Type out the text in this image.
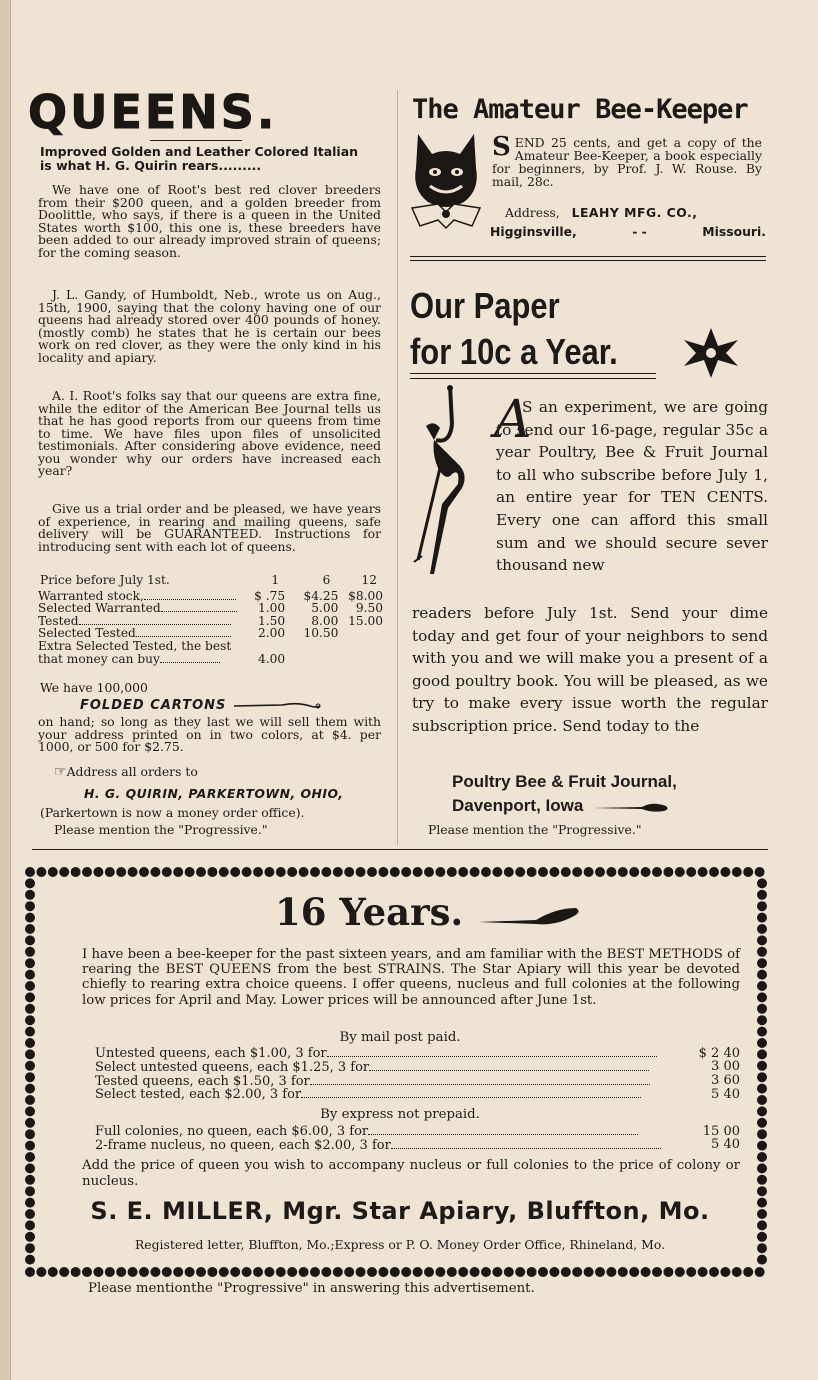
QUEENS.
Improved Golden and Leather Colored Italian is what H. G. Quirin rears.........
We have one of Root's best red clover breeders from their $200 queen, and a golden breeder from Doolittle, who says, if there is a queen in the United States worth $100, this one is, these breeders have been added to our already improved strain of queens; for the coming season.
J. L. Gandy, of Humboldt, Neb., wrote us on Aug., 15th, 1900, saying that the colony having one of our queens had already stored over 400 pounds of honey. (mostly comb) he states that he is certain our bees work on red clover, as they were the only kind in his locality and apiary.
A. I. Root's folks say that our queens are extra fine, while the editor of the American Bee Journal tells us that he has good reports from our queens from time to time. We have files upon files of unsolicited testimonials. After considering above evidence, need you wonder why our orders have increased each year?
Give us a trial order and be pleased, we have years of experience, in rearing and mailing queens, safe delivery will be GUARANTEED. Instructions for introducing sent with each lot of queens.
Price before July 1st.	1	6	12

Warranted stock,	$ .75	$4.25	$8.00
Selected Warranted	1.00	5.00	9.50
Tested	1.50	8.00	15.00
Selected Tested	2.00	10.50	
Extra Selected Tested, the best			
that money can buy	4.00		
We have 100,000
FOLDED CARTONS
on hand; so long as they last we will sell them with your address printed on in two colors, at $4. per 1000, or 500 for $2.75.
☞Address all orders to
H. G. QUIRIN, PARKERTOWN, OHIO,
(Parkertown is now a money order office).
Please mention the "Progressive."
The Amateur Bee-Keeper
SEND 25 cents, and get a copy of the Amateur Bee-Keeper, a book especially for beginners, by Prof. J. W. Rouse. By mail, 28c.
Address, LEAHY MFG. CO.,
Higginsville,	- -	Missouri.
Our Paper
for 10c a Year.
A
S an experiment, we are going to send our 16-page, regular 35c a year Poultry, Bee & Fruit Journal to all who subscribe before July 1, an entire year for TEN CENTS. Every one can afford this small sum and we should secure sever thousand new
readers before July 1st. Send your dime today and get four of your neighbors to send with you and we will make you a present of a good poultry book. You will be pleased, as we try to make every issue worth the regular subscription price. Send today to the
Poultry Bee & Fruit Journal,
Davenport, Iowa
Please mention the "Progressive."
16 Years.
I have been a bee-keeper for the past sixteen years, and am familiar with the BEST METHODS of rearing the BEST QUEENS from the best STRAINS. The Star Apiary will this year be devoted chiefly to rearing extra choice queens. I offer queens, nucleus and full colonies at the following low prices for April and May. Lower prices will be announced after June 1st.
By mail post paid.
Untested queens, each $1.00, 3 for	$ 2 40
Select untested queens, each $1.25, 3 for	3 00
Tested queens, each $1.50, 3 for	3 60
Select tested, each $2.00, 3 for	5 40
By express not prepaid.
Full colonies, no queen, each $6.00, 3 for	15 00
2-frame nucleus, no queen, each $2.00, 3 for	5 40
Add the price of queen you wish to accompany nucleus or full colonies to the price of colony or nucleus.
S. E. MILLER, Mgr. Star Apiary, Bluffton, Mo.
Registered letter, Bluffton, Mo.;Express or P. O. Money Order Office, Rhineland, Mo.
Please mentionthe "Progressive" in answering this advertisement.
